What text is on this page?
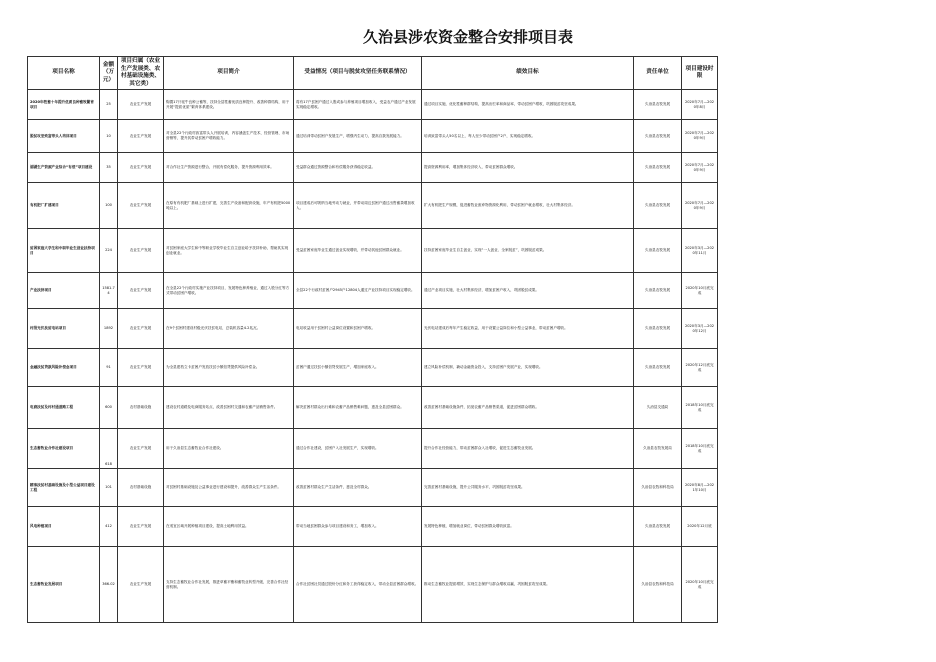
久治县涉农资金整合安排项目表
项目名称	金额（万元）	项目归属（农业生产发展类、农村基础设施类、其它类）	项目简介	受益情况（项目与脱贫攻坚任务联系情况）	绩效目标	责任单位	项目建设时限
2020年牲畜十年提升优质良种畜牧繁育项目	25	农业生产发展	购置17只牦牛良种公畜等，扶持全县牲畜优质良种提升、改善种群结构，用于开展“提质优质”繁育体系建设。	将有17户贫困户通过入股或参与养殖项目增加收入，受益农户通过产业发展实现稳定增收。	通过项目实施，优化牲畜种群结构，提高出栏率和商品率，带动贫困户增收，巩固脱贫攻坚成果。	久治县农牧发展	2020年7月—2020年8月
脱贫攻坚致富带头人培训项目	10	农业生产发展	对全县22个行政村致富带头人开展培训，内容涵盖生产技术、经营管理、市场营销等，提升其带动贫困户增收能力。	通过培训带动贫困户发展生产，增强内生动力，提高自我发展能力。	培训致富带头人50名以上，每人至少带动贫困户2户，实现稳定增收。	久治县农牧发展	2020年7月—2020年9月
湖湖生产资源产业综合“有偿”项目建设	35	农业生产发展	对合作社生产资源进行整合，开展有偿化服务，提升资源利用效率。	受益群众通过资源整合和有偿服务获得稳定收益。	提高资源利用率，增加集体经济收入，带动贫困群众增收。	久治县农牧发展	2020年7月—2020年9月
有机肥厂扩建项目	100	农业生产发展	在原有有机肥厂基础上进行扩建，完善生产设备和配套设施，年产有机肥5000吨以上。	项目建成后可吸纳当地劳动力就业，并带动周边贫困户通过出售畜粪增加收入。	扩大有机肥生产规模，促进畜牧业废弃物资源化利用，带动贫困户就业增收，壮大村集体经济。	久治县农牧发展	2020年7月—2020年9月
贫困家庭大学生和中职毕业生创业扶持项目	224	农业生产发展	对贫困家庭大学生和中等职业学校毕业生自主创业给予扶持补助，帮助其实现创业就业。	受益贫困家庭毕业生通过创业实现增收，并带动其他贫困群众就业。	扶持贫困家庭毕业生自主创业，实现“一人创业、全家脱贫”，巩固脱贫成果。	久治县农牧发展	2020年3月—2020年11月
产业扶持项目	1581.74	农业生产发展	在全县22个行政村实施产业扶持项目，发展特色种养殖业，通过入股分红等方式带动贫困户增收。	全县22个行政村贫困户2945户12804人通过产业扶持项目实现稳定增收。	通过产业项目实施，壮大村集体经济，增加贫困户收入，巩固脱贫成果。	久治县农牧发展	2020年10月底完成
村级光伏扶贫电站项目	1892	农业生产发展	在9个贫困村建设村级光伏扶贫电站，总装机容量4.2兆瓦。	电站收益用于贫困村公益岗位设置和贫困户增收。	光伏电站建成后每年产生稳定收益，用于设置公益岗位和小型公益事业，带动贫困户增收。	久治县农牧发展	2020年3月—2020年12月
金融扶贫贷款风险补偿金项目	91	农业生产发展	为全县建档立卡贫困户发放扶贫小额信贷提供风险补偿金。	贫困户通过扶贫小额信贷发展生产，增加家庭收入。	建立风险补偿机制，撬动金融资金投入，支持贫困户发展产业，实现增收。	久治县农牧发展	2020年12月底完成
电商扶贫及村村通道路工程	600	农村基础设施	建设农村道路及电商服务站点，改善贫困村交通和农畜产品销售条件。	解决贫困村群众出行难和农畜产品销售难问题，惠及全县贫困群众。	改善贫困村基础设施条件，拓宽农畜产品销售渠道，促进贫困群众增收。	久治县交通局	2018年10月底完成
生态畜牧业合作社建设项目	618	农业生产发展	用于久治县生态畜牧业合作社建设。	通过合作社建设，贫困户入社发展生产，实现增收。	提升合作社经营能力，带动贫困群众入社增收，促进生态畜牧业发展。	久治县农牧发展局	2018年10月底完成
精准扶贫村基础设施及小型公益项目建设工程	101	农村基础设施	对贫困村基础设施及公益事业进行建设和提升，改善群众生产生活条件。	改善贫困村群众生产生活条件，惠及全村群众。	完善贫困村基础设施，提升公共服务水平，巩固脱贫攻坚成果。	久治县农牧和科技局	2020年8月—2021年10月
风电种植项目	412	农业生产发展	在适宜区域开展种植项目建设，提高土地利用效益。	带动当地贫困群众参与项目建设和务工，增加收入。	发展特色种植，增加就业岗位，带动贫困群众增收致富。	久治县农牧发展	2020年12月底
生态畜牧业发展项目	366.02	农业生产发展	支持生态畜牧业合作社发展，推进草畜平衡和畜牧业转型升级，完善合作社经营机制。	合作社贫困社员通过股份分红和务工获得稳定收入，带动全县贫困群众增收。	推动生态畜牧业提质增效，实现生态保护与群众增收双赢，巩固脱贫攻坚成果。	久治县农牧和科技局	2020年10月底完成
